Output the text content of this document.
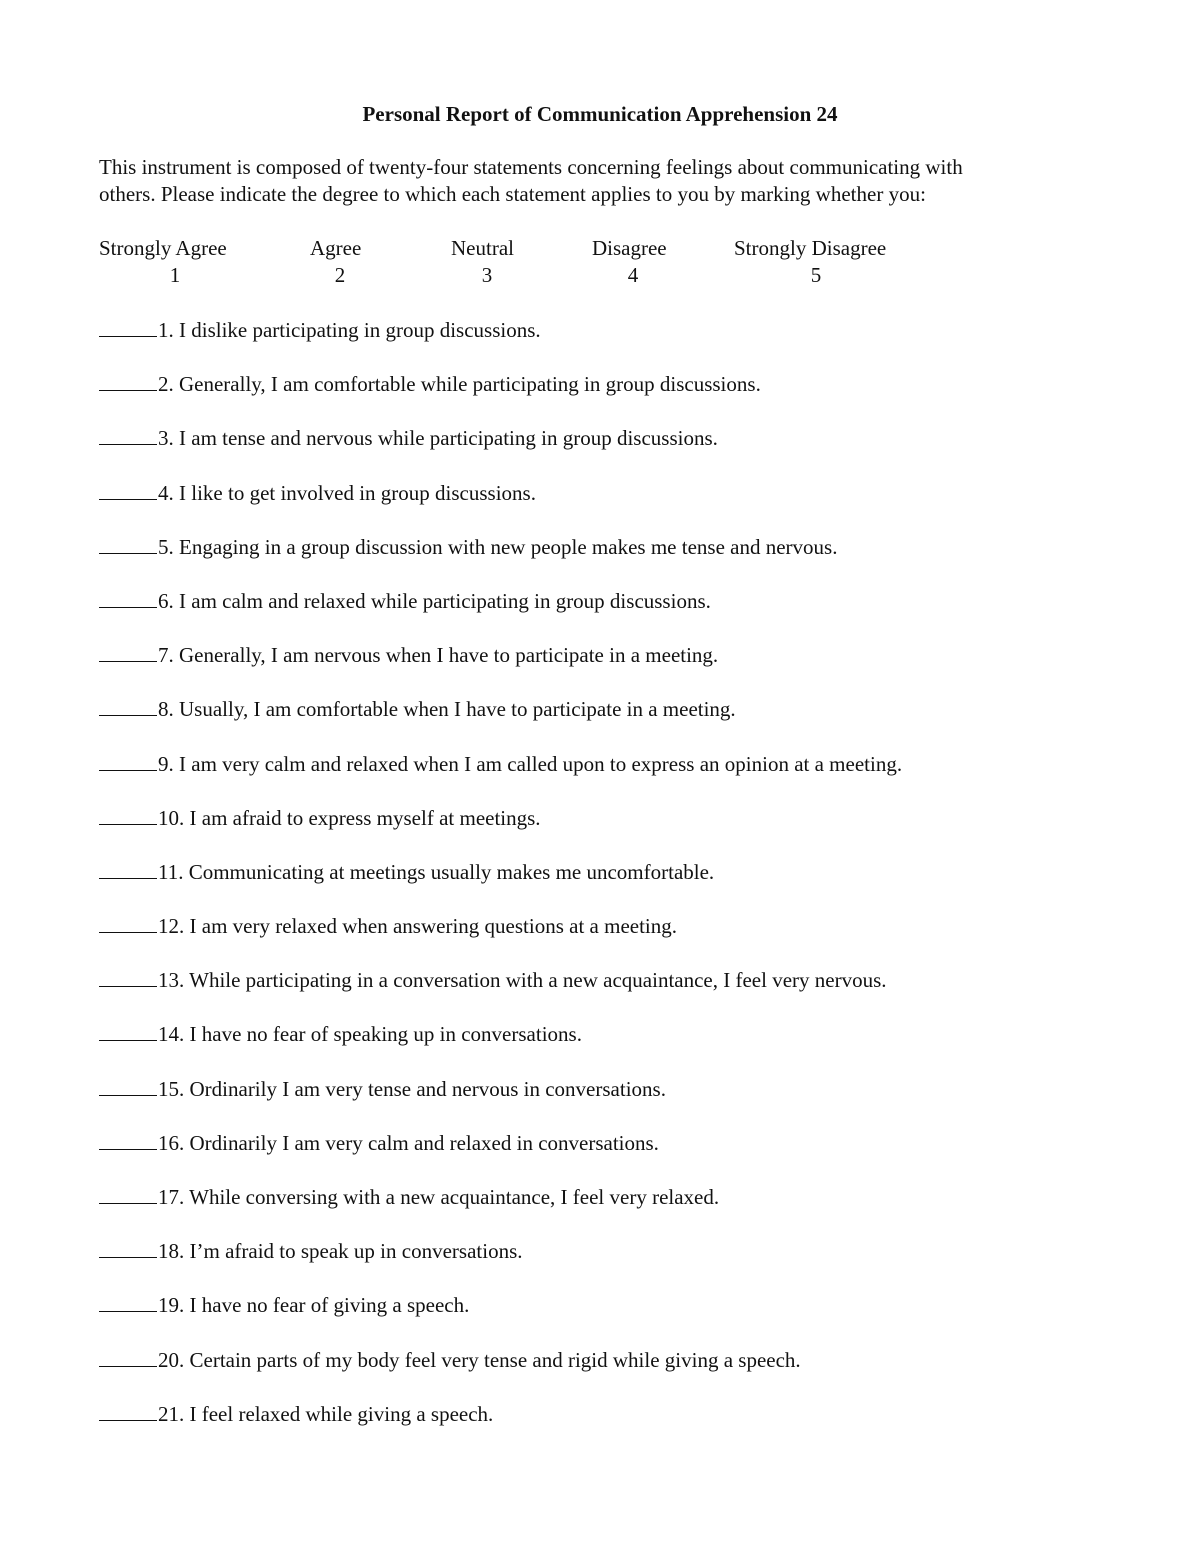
Personal Report of Communication Apprehension 24
This instrument is composed of twenty-four statements concerning feelings about communicating with
others. Please indicate the degree to which each statement applies to you by marking whether you:
Strongly Agree	Agree	Neutral	Disagree	Strongly Disagree
1	2	3	4	5
1. I dislike participating in group discussions.
2. Generally, I am comfortable while participating in group discussions.
3. I am tense and nervous while participating in group discussions.
4. I like to get involved in group discussions.
5. Engaging in a group discussion with new people makes me tense and nervous.
6. I am calm and relaxed while participating in group discussions.
7. Generally, I am nervous when I have to participate in a meeting.
8. Usually, I am comfortable when I have to participate in a meeting.
9. I am very calm and relaxed when I am called upon to express an opinion at a meeting.
10. I am afraid to express myself at meetings.
11. Communicating at meetings usually makes me uncomfortable.
12. I am very relaxed when answering questions at a meeting.
13. While participating in a conversation with a new acquaintance, I feel very nervous.
14. I have no fear of speaking up in conversations.
15. Ordinarily I am very tense and nervous in conversations.
16. Ordinarily I am very calm and relaxed in conversations.
17. While conversing with a new acquaintance, I feel very relaxed.
18. I’m afraid to speak up in conversations.
19. I have no fear of giving a speech.
20. Certain parts of my body feel very tense and rigid while giving a speech.
21. I feel relaxed while giving a speech.
